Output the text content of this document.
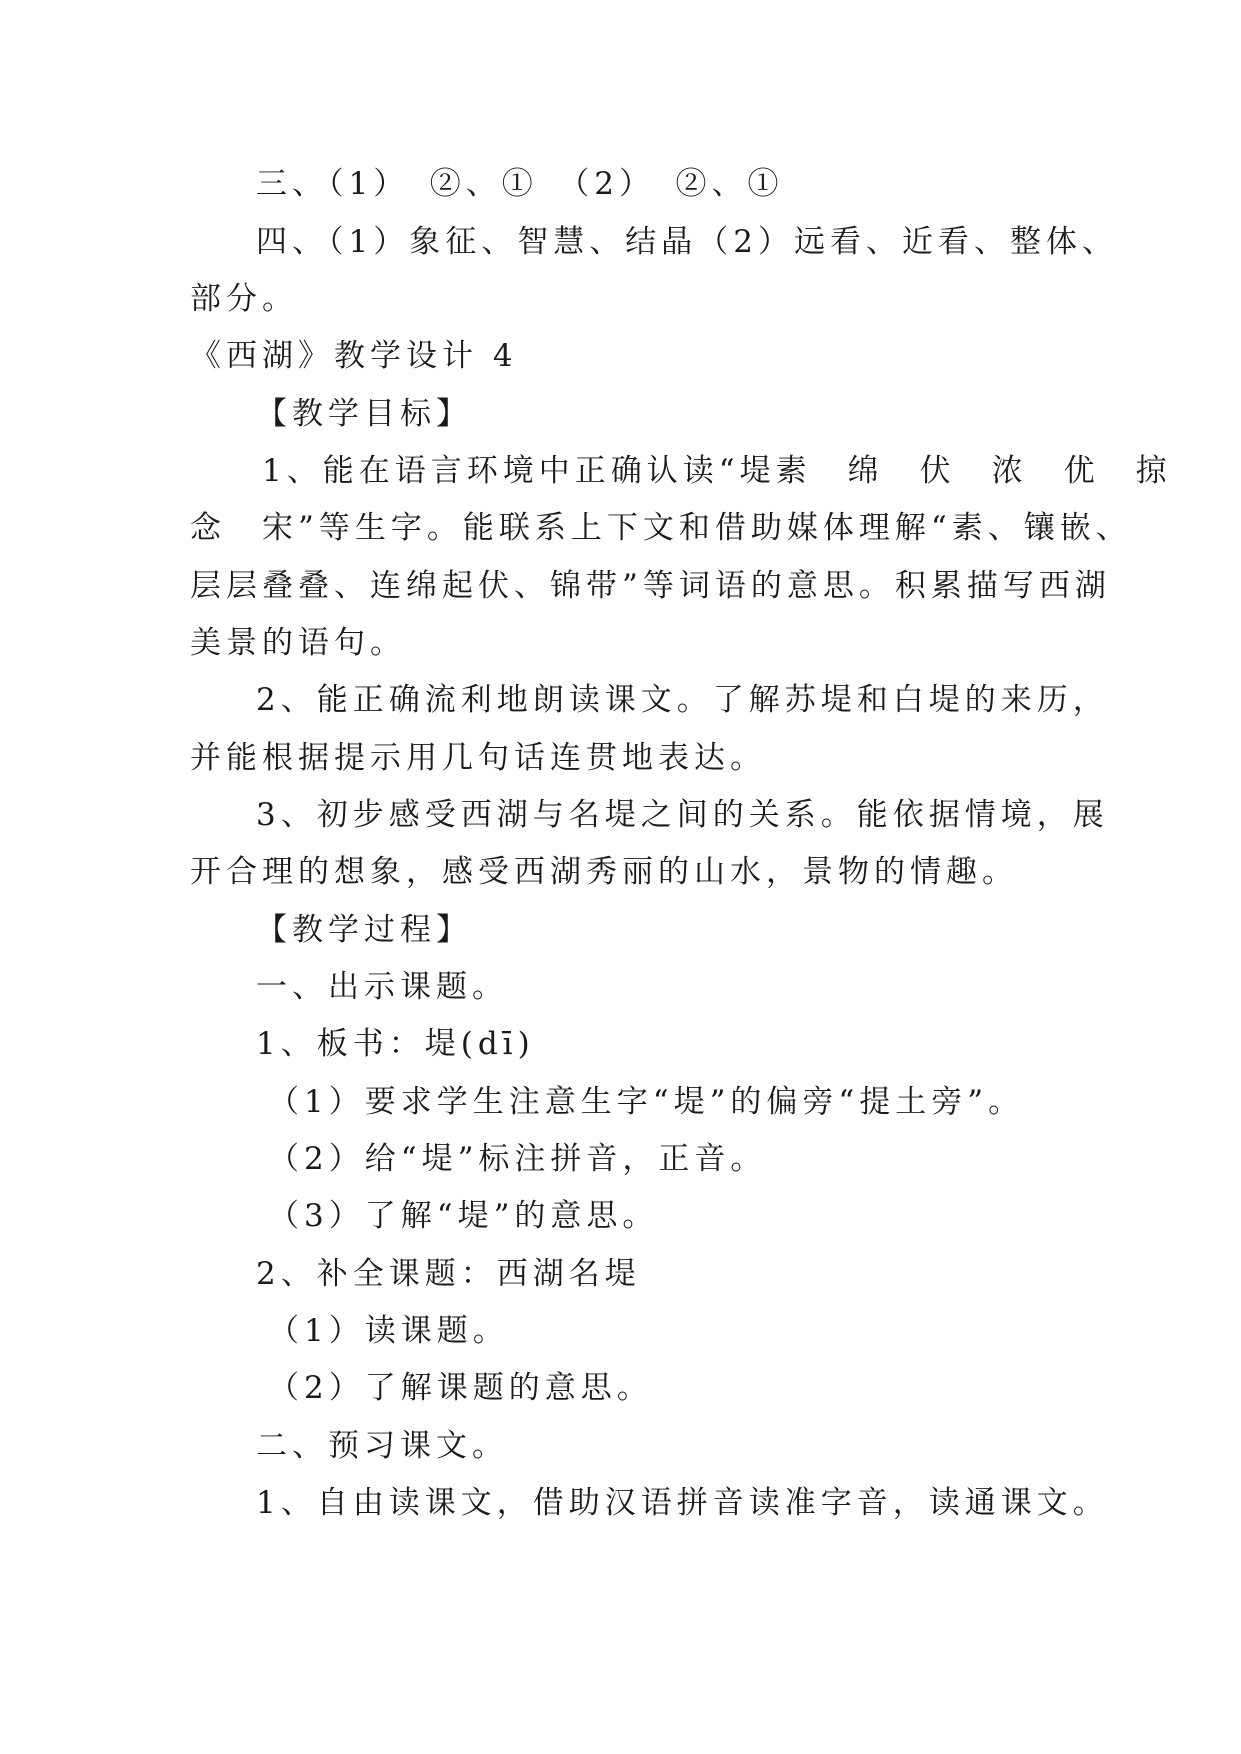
三、（1）　②、①　（2）　②、①
四、（1）象征、智慧、结晶（2）远看、近看、整体、
部分。
《西湖》教学设计 4
【教学目标】
1、能在语言环境中正确认读“堤素　绵　伏　浓　优　掠
念　宋”等生字。能联系上下文和借助媒体理解“素、镶嵌、
层层叠叠、连绵起伏、锦带”等词语的意思。积累描写西湖
美景的语句。
2、能正确流利地朗读课文。了解苏堤和白堤的来历，
并能根据提示用几句话连贯地表达。
3、初步感受西湖与名堤之间的关系。能依据情境，展
开合理的想象，感受西湖秀丽的山水，景物的情趣。
【教学过程】
一、出示课题。
1、板书：堤(dī)
（1）要求学生注意生字“堤”的偏旁“提土旁”。
（2）给“堤”标注拼音，正音。
（3）了解“堤”的意思。
2、补全课题：西湖名堤
（1）读课题。
（2）了解课题的意思。
二、预习课文。
1、自由读课文，借助汉语拼音读准字音，读通课文。
